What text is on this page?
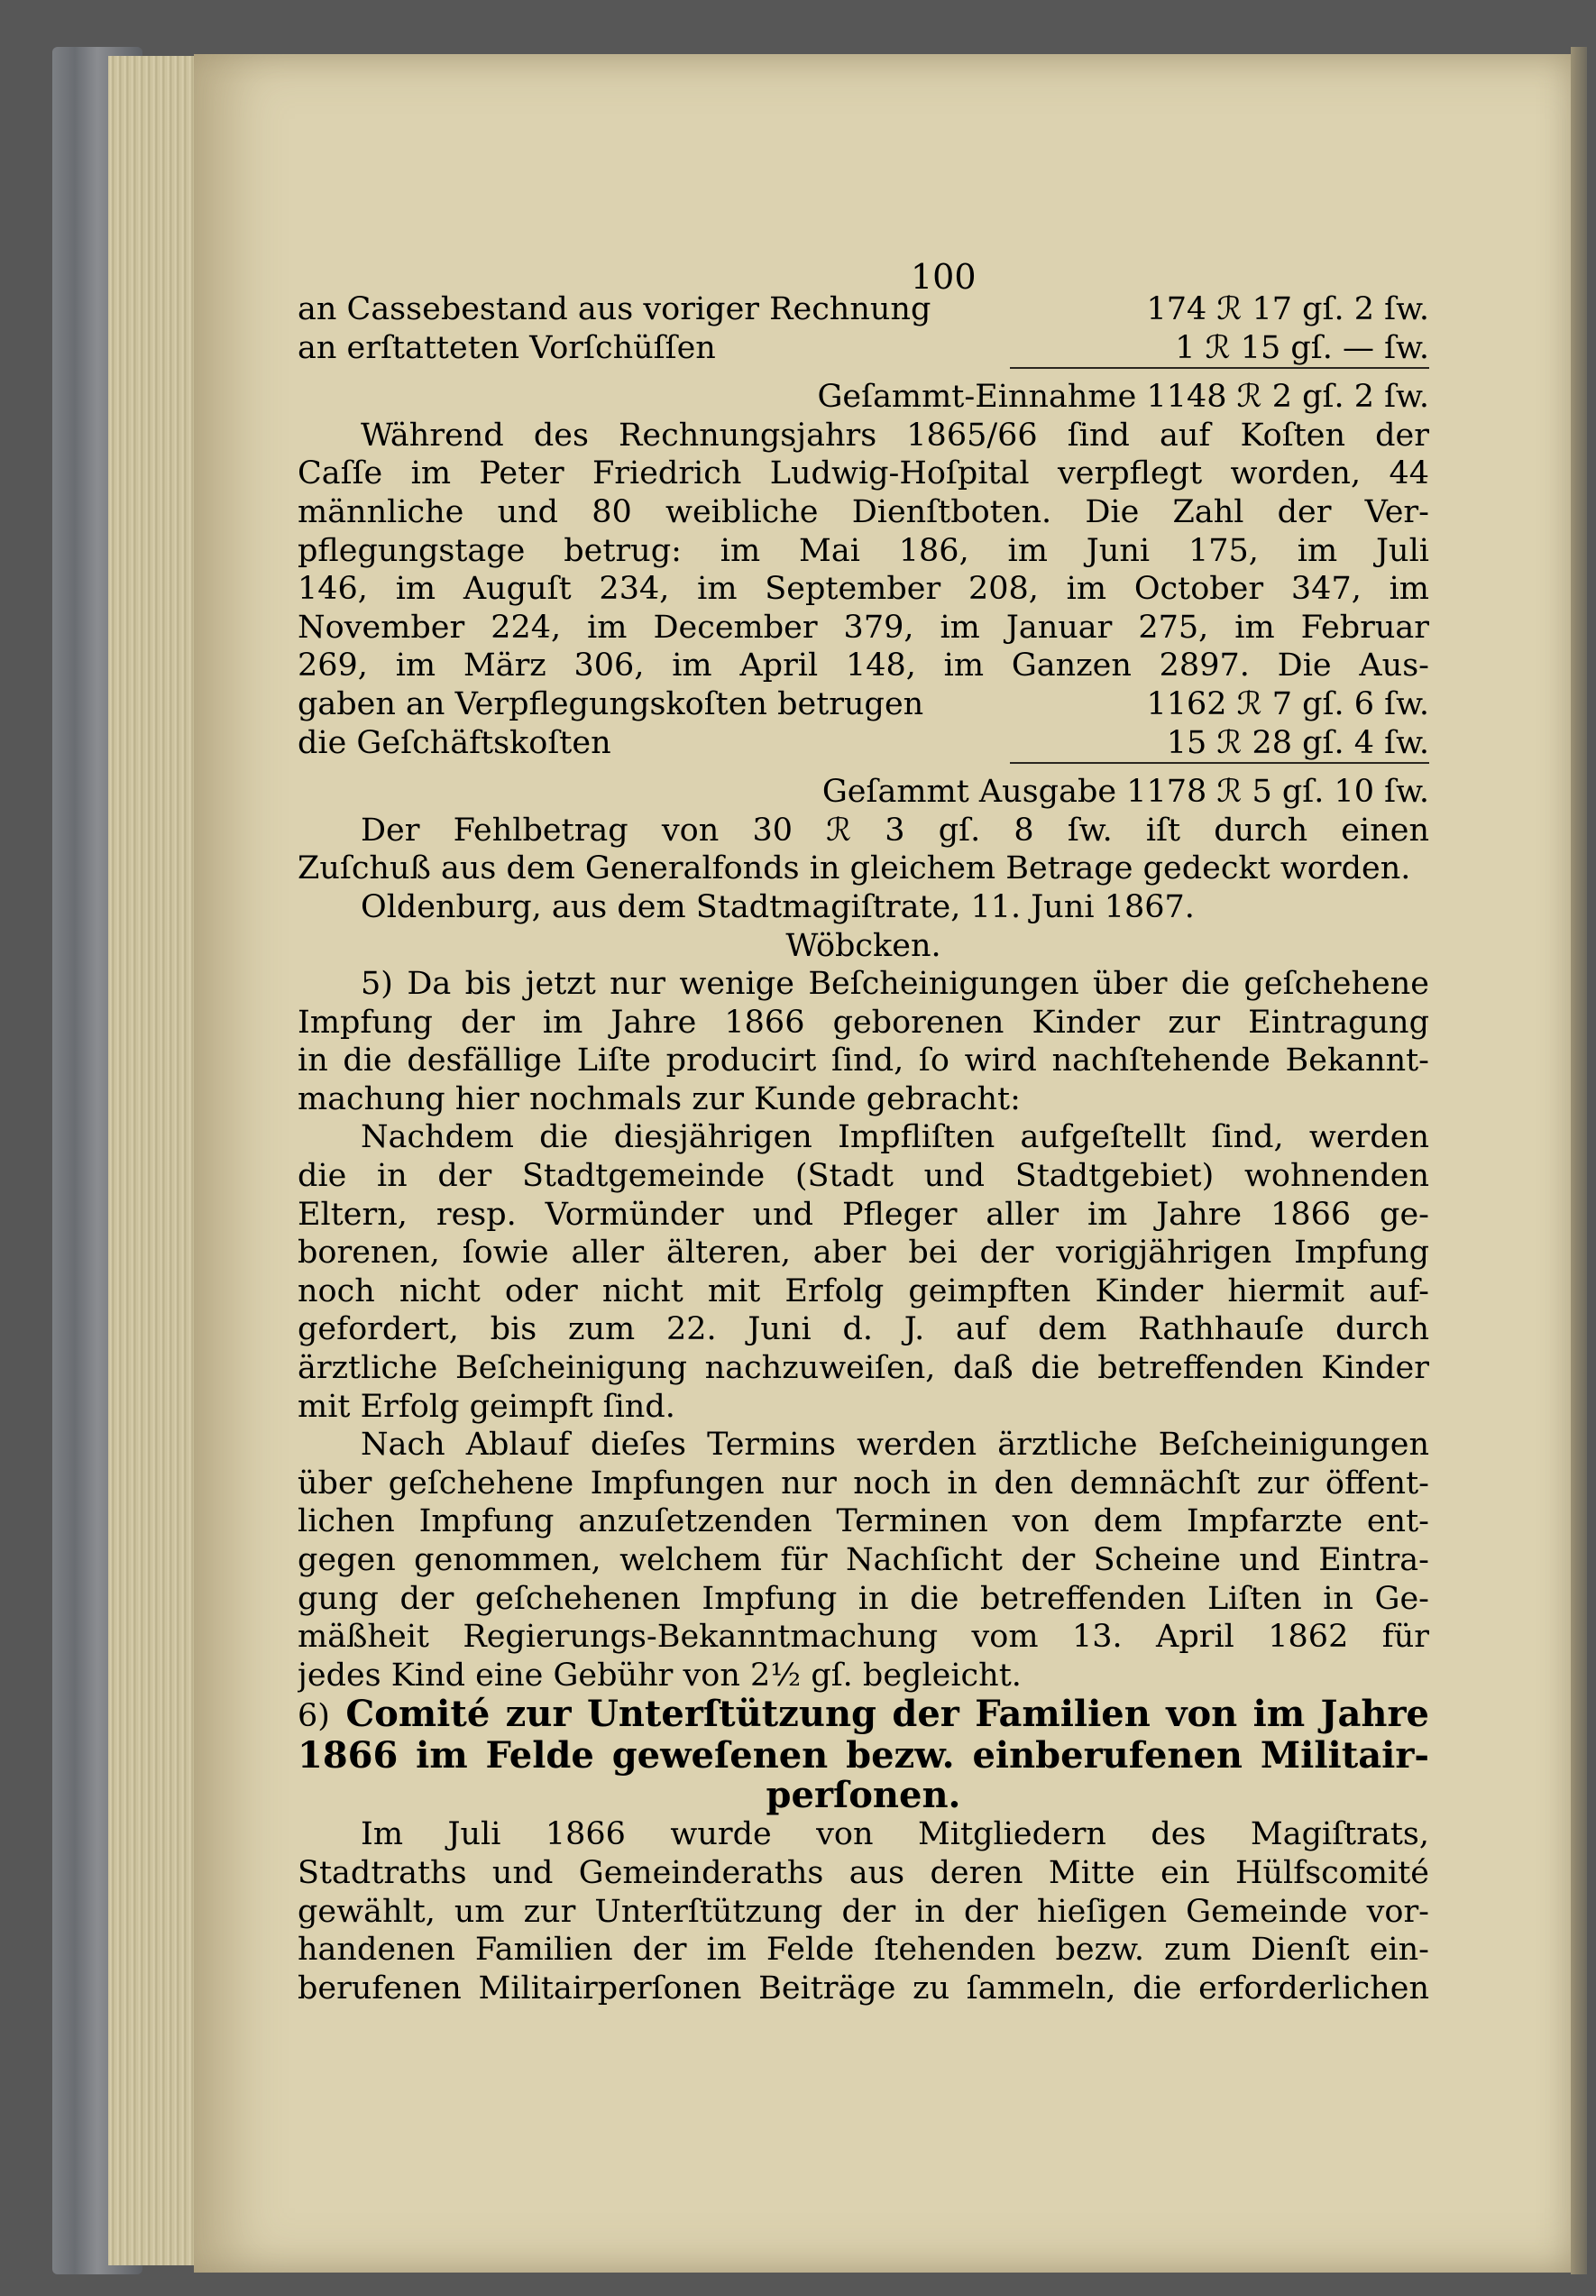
100
an Cassebestand aus voriger Rechnung	174 ℛ 17 gſ. 2 ſw.
an erſtatteten Vorſchüſſen	1 ℛ 15 gſ. — ſw.
Geſammt-Einnahme 1148 ℛ 2 gſ. 2 ſw.
Während des Rechnungsjahrs 1865/66 ſind auf Koſten der
Caſſe im Peter Friedrich Ludwig-Hoſpital verpflegt worden, 44
männliche und 80 weibliche Dienſtboten. Die Zahl der Ver-
pflegungstage betrug: im Mai 186, im Juni 175, im Juli
146, im Auguſt 234, im September 208, im October 347, im
November 224, im December 379, im Januar 275, im Februar
269, im März 306, im April 148, im Ganzen 2897. Die Aus-
gaben an Verpflegungskoſten betrugen	1162 ℛ 7 gſ. 6 ſw.
die Geſchäftskoſten	15 ℛ 28 gſ. 4 ſw.
Geſammt Ausgabe 1178 ℛ 5 gſ. 10 ſw.
Der Fehlbetrag von 30 ℛ 3 gſ. 8 ſw. iſt durch einen
Zuſchuß aus dem Generalfonds in gleichem Betrage gedeckt worden.
Oldenburg, aus dem Stadtmagiſtrate, 11. Juni 1867.
Wöbcken.
5) Da bis jetzt nur wenige Beſcheinigungen über die geſchehene
Impfung der im Jahre 1866 geborenen Kinder zur Eintragung
in die desfällige Liſte producirt ſind, ſo wird nachſtehende Bekannt-
machung hier nochmals zur Kunde gebracht:
Nachdem die diesjährigen Impfliſten aufgeſtellt ſind, werden
die in der Stadtgemeinde (Stadt und Stadtgebiet) wohnenden
Eltern, resp. Vormünder und Pfleger aller im Jahre 1866 ge-
borenen, ſowie aller älteren, aber bei der vorigjährigen Impfung
noch nicht oder nicht mit Erfolg geimpften Kinder hiermit auf-
gefordert, bis zum 22. Juni d. J. auf dem Rathhauſe durch
ärztliche Beſcheinigung nachzuweiſen, daß die betreffenden Kinder
mit Erfolg geimpft ſind.
Nach Ablauf dieſes Termins werden ärztliche Beſcheinigungen
über geſchehene Impfungen nur noch in den demnächſt zur öffent-
lichen Impfung anzuſetzenden Terminen von dem Impfarzte ent-
gegen genommen, welchem für Nachſicht der Scheine und Eintra-
gung der geſchehenen Impfung in die betreffenden Liſten in Ge-
mäßheit Regierungs-Bekanntmachung vom 13. April 1862 für
jedes Kind eine Gebühr von 2½ gſ. begleicht.
6) Comité zur Unterſtützung der Familien von im Jahre
1866 im Felde geweſenen bezw. einberufenen Militair-
perſonen.
Im Juli 1866 wurde von Mitgliedern des Magiſtrats,
Stadtraths und Gemeinderaths aus deren Mitte ein Hülfscomité
gewählt, um zur Unterſtützung der in der hieſigen Gemeinde vor-
handenen Familien der im Felde ſtehenden bezw. zum Dienſt ein-
berufenen Militairperſonen Beiträge zu ſammeln, die erforderlichen
